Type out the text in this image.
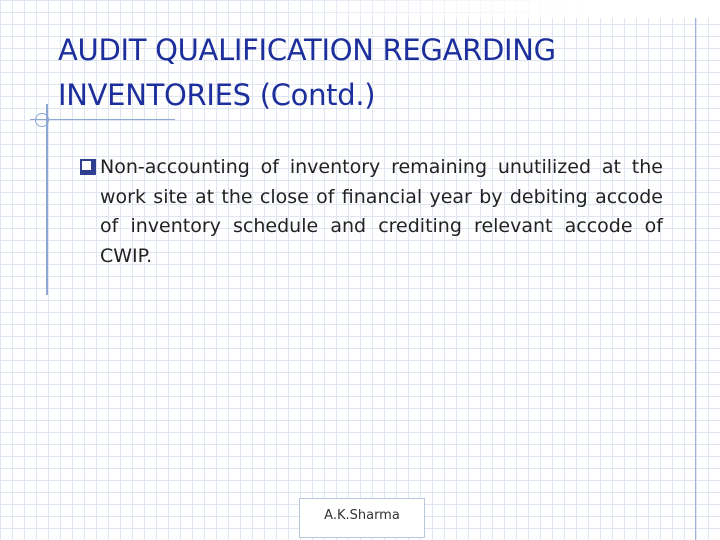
AUDIT QUALIFICATION REGARDING INVENTORIES (Contd.)

Non-accounting of inventory remaining unutilized at the work site at the close of financial year by debiting accode of inventory schedule and crediting relevant accode of CWIP.

A.K.Sharma
